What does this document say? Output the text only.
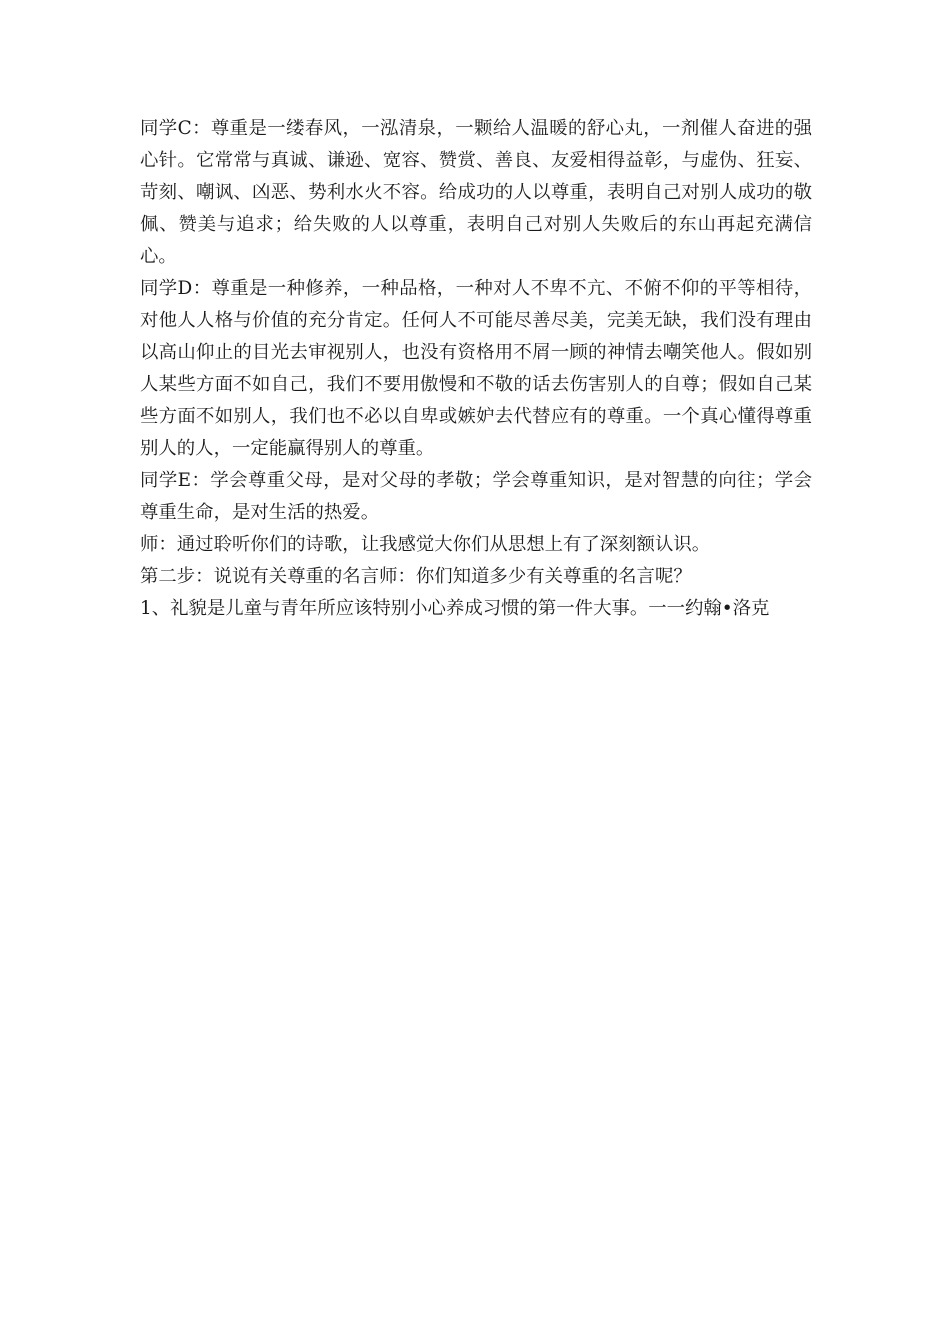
同学C：尊重是一缕春风，一泓清泉，一颗给人温暖的舒心丸，一剂催人奋进的强心针。它常常与真诚、谦逊、宽容、赞赏、善良、友爱相得益彰，与虚伪、狂妄、苛刻、嘲讽、凶恶、势利水火不容。给成功的人以尊重，表明自己对别人成功的敬佩、赞美与追求；给失败的人以尊重，表明自己对别人失败后的东山再起充满信心。

同学D：尊重是一种修养，一种品格，一种对人不卑不亢、不俯不仰的平等相待，对他人人格与价值的充分肯定。任何人不可能尽善尽美，完美无缺，我们没有理由以高山仰止的目光去审视别人，也没有资格用不屑一顾的神情去嘲笑他人。假如别人某些方面不如自己，我们不要用傲慢和不敬的话去伤害别人的自尊；假如自己某些方面不如别人，我们也不必以自卑或嫉妒去代替应有的尊重。一个真心懂得尊重别人的人，一定能赢得别人的尊重。

同学E：学会尊重父母，是对父母的孝敬；学会尊重知识，是对智慧的向往；学会尊重生命，是对生活的热爱。

师：通过聆听你们的诗歌，让我感觉大你们从思想上有了深刻额认识。

第二步：说说有关尊重的名言师：你们知道多少有关尊重的名言呢？

1、礼貌是儿童与青年所应该特别小心养成习惯的第一件大事。一一约翰•洛克
